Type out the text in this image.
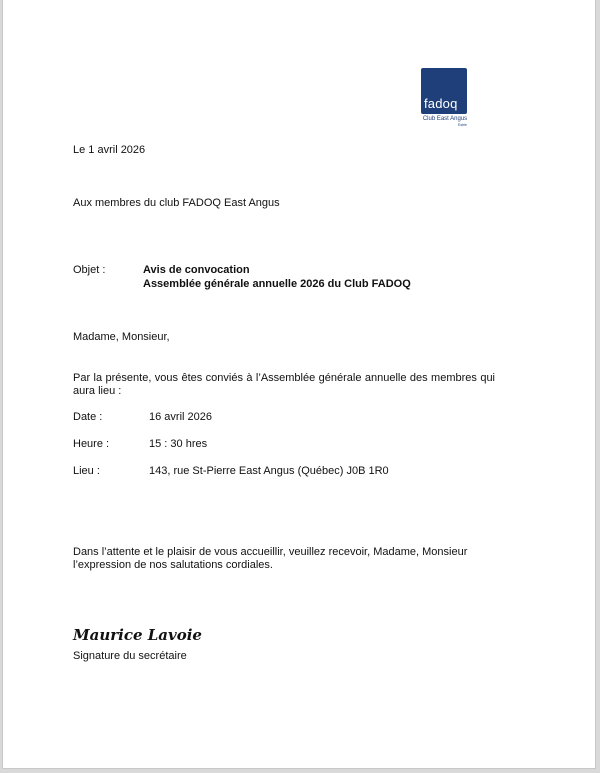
fadoq
Club East Angus
Estrie
Le 1 avril 2026
Aux membres du club FADOQ East Angus
Objet :	Avis de convocation
Assemblée générale annuelle 2026 du Club FADOQ
Madame, Monsieur,
Par la présente, vous êtes conviés à l’Assemblée générale annuelle des membres qui aura lieu :
Date :	16 avril 2026
Heure :	15 : 30 hres
Lieu :	143, rue St-Pierre East Angus (Québec) J0B 1R0
Dans l’attente et le plaisir de vous accueillir, veuillez recevoir, Madame, Monsieur l’expression de nos salutations cordiales.
Maurice Lavoie
Signature du secrétaire
